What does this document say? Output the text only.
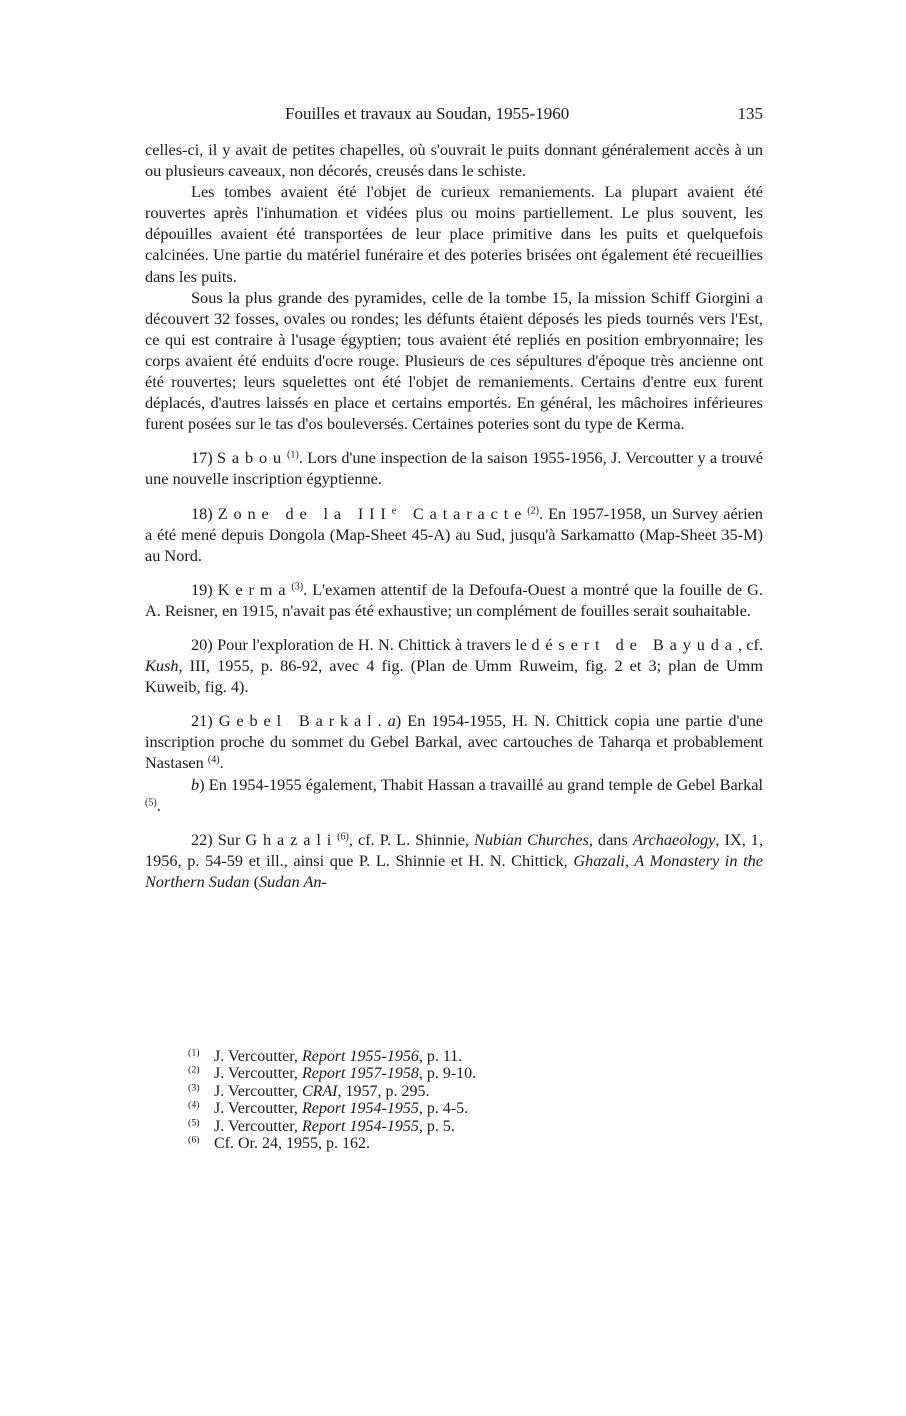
Fouilles et travaux au Soudan, 1955-1960	135

celles-ci, il y avait de petites chapelles, où s'ouvrait le puits donnant généralement accès à un ou plusieurs caveaux, non décorés, creusés dans le schiste.

Les tombes avaient été l'objet de curieux remaniements. La plupart avaient été rouvertes après l'inhumation et vidées plus ou moins partiellement. Le plus souvent, les dépouilles avaient été transportées de leur place primitive dans les puits et quelquefois calcinées. Une partie du matériel funéraire et des poteries brisées ont également été recueillies dans les puits.

Sous la plus grande des pyramides, celle de la tombe 15, la mission Schiff Giorgini a découvert 32 fosses, ovales ou rondes; les défunts étaient déposés les pieds tournés vers l'Est, ce qui est contraire à l'usage égyptien; tous avaient été repliés en position embryonnaire; les corps avaient été enduits d'ocre rouge. Plusieurs de ces sépultures d'époque très ancienne ont été rouvertes; leurs squelettes ont été l'objet de remaniements. Certains d'entre eux furent déplacés, d'autres laissés en place et certains emportés. En général, les mâchoires inférieures furent posées sur le tas d'os bouleversés. Certaines poteries sont du type de Kerma.

17) Sabou$^{(1)}$. Lors d'une inspection de la saison 1955-1956, J. Vercoutter y a trouvé une nouvelle inscription égyptienne.

18) Zone de la IIIe Cataracte$^{(2)}$. En 1957-1958, un Survey aérien a été mené depuis Dongola (Map-Sheet 45-A) au Sud, jusqu'à Sarkamatto (Map-Sheet 35-M) au Nord.

19) Kerma$^{(3)}$. L'examen attentif de la Defoufa-Ouest a montré que la fouille de G. A. Reisner, en 1915, n'avait pas été exhaustive; un complément de fouilles serait souhaitable.

20) Pour l'exploration de H. N. Chittick à travers le désert de Bayuda, cf. Kush, III, 1955, p. 86-92, avec 4 fig. (Plan de Umm Ruweim, fig. 2 et 3; plan de Umm Kuweib, fig. 4).

21) Gebel Barkal. a) En 1954-1955, H. N. Chittick copia une partie d'une inscription proche du sommet du Gebel Barkal, avec cartouches de Taharqa et probablement Nastasen $^{(4)}$.

b) En 1954-1955 également, Thabit Hassan a travaillé au grand temple de Gebel Barkal $^{(5)}$.

22) Sur Ghazali$^{(6)}$, cf. P. L. Shinnie, Nubian Churches, dans Archaeology, IX, 1, 1956, p. 54-59 et ill., ainsi que P. L. Shinnie et H. N. Chittick, Ghazali, A Monastery in the Northern Sudan (Sudan An-

$^{(1)}$ J. Vercoutter, Report 1955-1956, p. 11.
$^{(2)}$ J. Vercoutter, Report 1957-1958, p. 9-10.
$^{(3)}$ J. Vercoutter, CRAI, 1957, p. 295.
$^{(4)}$ J. Vercoutter, Report 1954-1955, p. 4-5.
$^{(5)}$ J. Vercoutter, Report 1954-1955, p. 5.
$^{(6)}$ Cf. Or. 24, 1955, p. 162.
